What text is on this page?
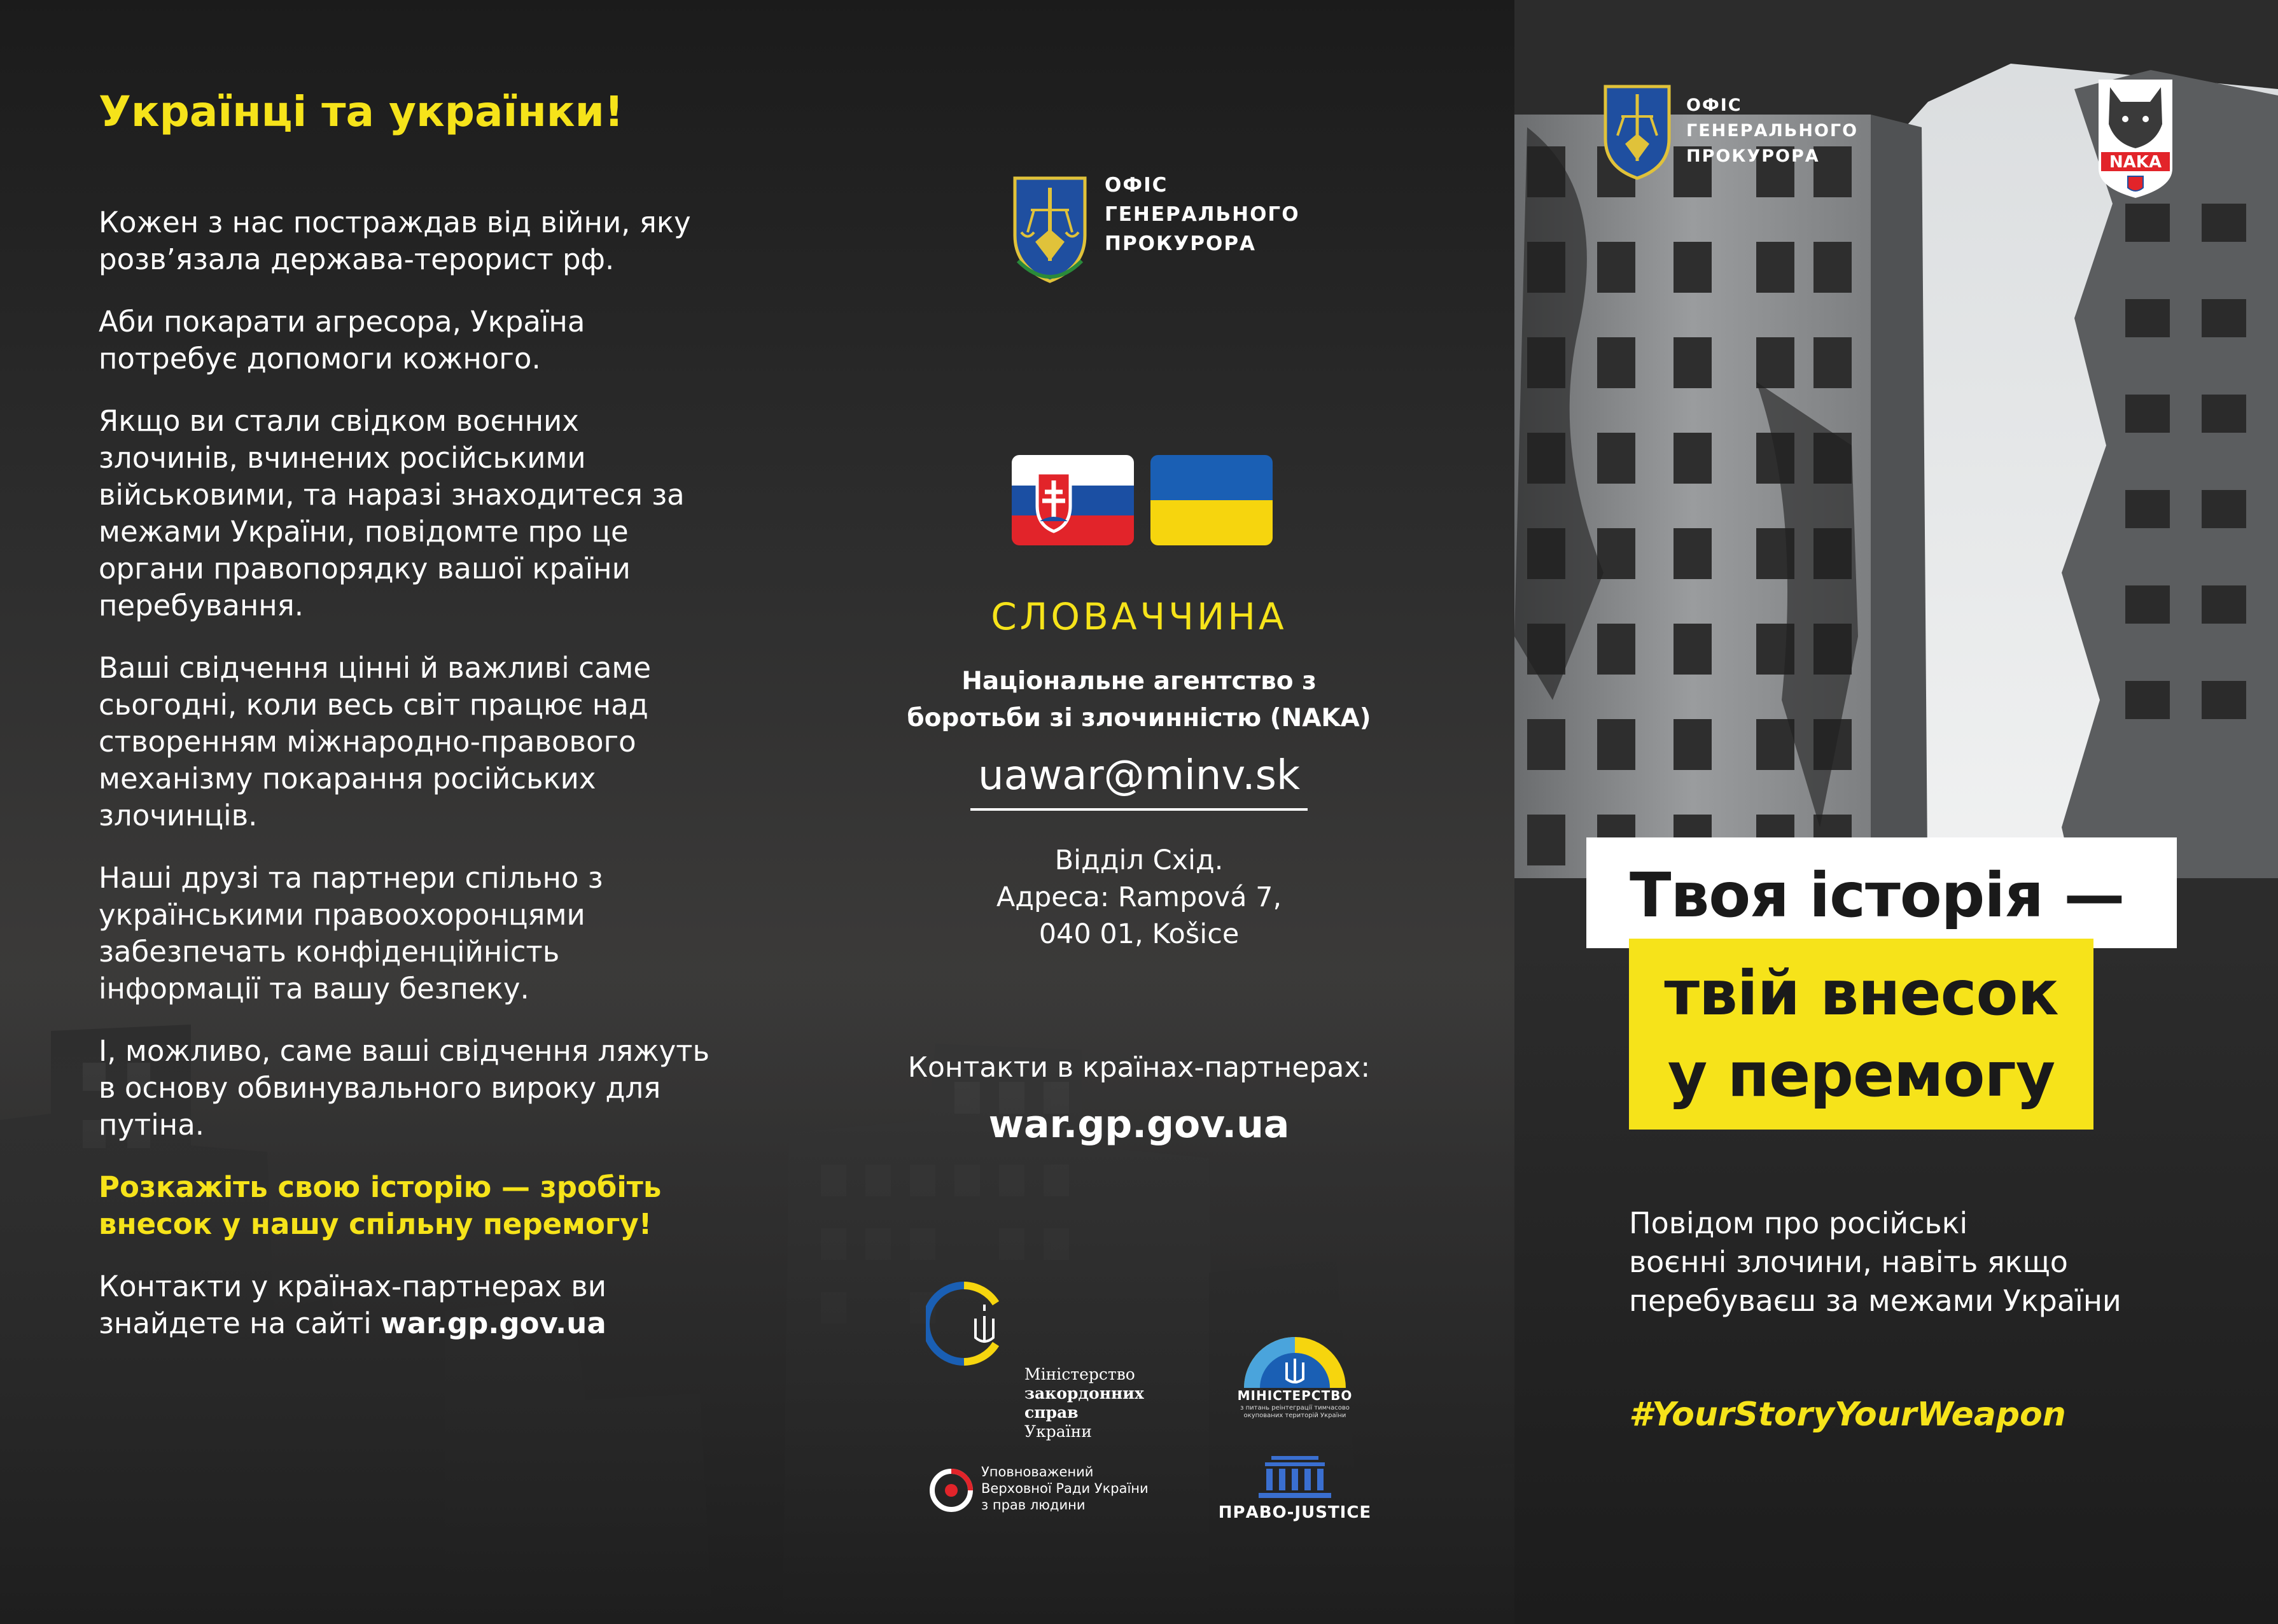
Українці та українки!

Кожен з нас постраждав від війни, яку розв’язала держава-терорист рф.

Аби покарати агресора, Україна потребує допомоги кожного.

Якщо ви стали свідком воєнних злочинів, вчинених російськими військовими, та наразі знаходитеся за межами України, повідомте про це органи правопорядку вашої країни перебування.

Ваші свідчення цінні й важливі саме сьогодні, коли весь світ працює над створенням міжнародно-правового механізму покарання російських злочинців.

Наші друзі та партнери спільно з українськими правоохоронцями забезпечать конфіденційність інформації та вашу безпеку.

І, можливо, саме ваші свідчення ляжуть в основу обвинувального вироку для путіна.

Розкажіть свою історію — зробіть внесок у нашу спільну перемогу!

Контакти у країнах-партнерах ви знайдете на сайті war.gp.gov.ua

ОФІС
ГЕНЕРАЛЬНОГО
ПРОКУРОРА
СЛОВАЧЧИНА
Національне агентство з
боротьби зі злочинністю (NAKA)
uawar@minv.sk
Відділ Схід.
Адреса: Rampová 7,
040 01, Košice
Контакти в країнах-партнерах:
war.gp.gov.ua
Міністерство
закордонних справ
України
МІНІСТЕРСТВО
з питань реінтеграції тимчасово
окупованих територій України
Уповноважений
Верховної Ради України
з прав людини	ПРАВО-JUSTICE
ОФІС
ГЕНЕРАЛЬНОГО
ПРОКУРОРА	NAKA
Твоя історія —
твій внесок
у перемогу
Повідом про російські
воєнні злочини, навіть якщо
перебуваєш за межами України
#YourStoryYourWeapon
